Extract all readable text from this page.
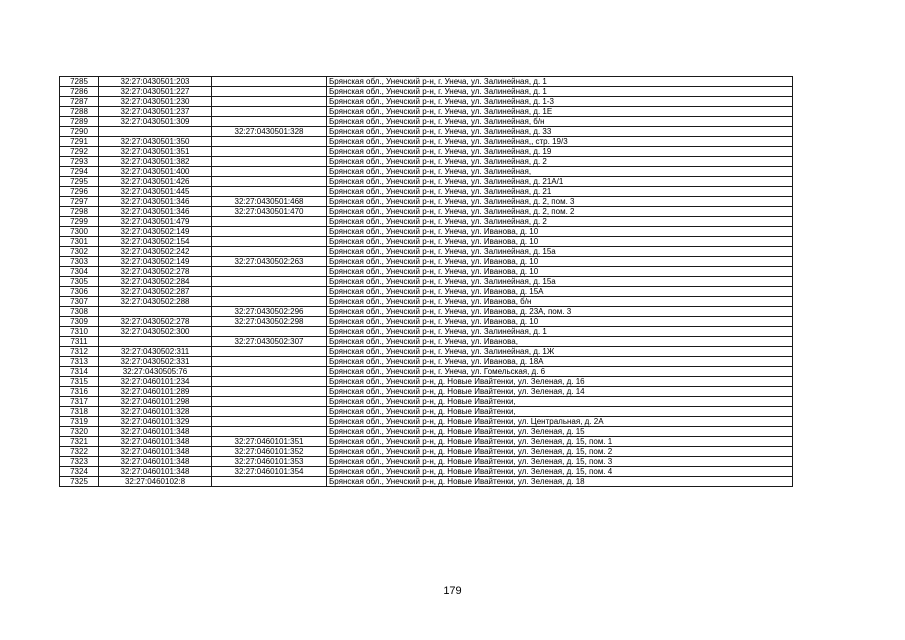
7285	32:27:0430501:203		Брянская обл., Унечский р-н, г. Унеча, ул. Залинейная, д. 1
7286	32:27:0430501:227		Брянская обл., Унечский р-н, г. Унеча, ул. Залинейная, д. 1
7287	32:27:0430501:230		Брянская обл., Унечский р-н, г. Унеча, ул. Залинейная, д. 1-3
7288	32:27:0430501:237		Брянская обл., Унечский р-н, г. Унеча, ул. Залинейная, д. 1Е
7289	32:27:0430501:309		Брянская обл., Унечский р-н, г. Унеча, ул. Залинейная, б/н
7290		32:27:0430501:328	Брянская обл., Унечский р-н, г. Унеча, ул. Залинейная, д. 33
7291	32:27:0430501:350		Брянская обл., Унечский р-н, г. Унеча, ул. Залинейная,, стр. 19/3
7292	32:27:0430501:351		Брянская обл., Унечский р-н, г. Унеча, ул. Залинейная, д. 19
7293	32:27:0430501:382		Брянская обл., Унечский р-н, г. Унеча, ул. Залинейная, д. 2
7294	32:27:0430501:400		Брянская обл., Унечский р-н, г. Унеча, ул. Залинейная,
7295	32:27:0430501:426		Брянская обл., Унечский р-н, г. Унеча, ул. Залинейная, д. 21А/1
7296	32:27:0430501:445		Брянская обл., Унечский р-н, г. Унеча, ул. Залинейная, д. 21
7297	32:27:0430501:346	32:27:0430501:468	Брянская обл., Унечский р-н, г. Унеча, ул. Залинейная, д. 2, пом. 3
7298	32:27:0430501:346	32:27:0430501:470	Брянская обл., Унечский р-н, г. Унеча, ул. Залинейная, д. 2, пом. 2
7299	32:27:0430501:479		Брянская обл., Унечский р-н, г. Унеча, ул. Залинейная, д. 2
7300	32:27:0430502:149		Брянская обл., Унечский р-н, г. Унеча, ул. Иванова, д. 10
7301	32:27:0430502:154		Брянская обл., Унечский р-н, г. Унеча, ул. Иванова, д. 10
7302	32:27:0430502:242		Брянская обл., Унечский р-н, г. Унеча, ул. Залинейная, д. 15а
7303	32:27:0430502:149	32:27:0430502:263	Брянская обл., Унечский р-н, г. Унеча, ул. Иванова, д. 10
7304	32:27:0430502:278		Брянская обл., Унечский р-н, г. Унеча, ул. Иванова, д. 10
7305	32:27:0430502:284		Брянская обл., Унечский р-н, г. Унеча, ул. Залинейная, д. 15а
7306	32:27:0430502:287		Брянская обл., Унечский р-н, г. Унеча, ул. Иванова, д. 15А
7307	32:27:0430502:288		Брянская обл., Унечский р-н, г. Унеча, ул. Иванова, б/н
7308		32:27:0430502:296	Брянская обл., Унечский р-н, г. Унеча, ул. Иванова, д. 23А, пом. 3
7309	32:27:0430502:278	32:27:0430502:298	Брянская обл., Унечский р-н, г. Унеча, ул. Иванова, д. 10
7310	32:27:0430502:300		Брянская обл., Унечский р-н, г. Унеча, ул. Залинейная, д. 1
7311		32:27:0430502:307	Брянская обл., Унечский р-н, г. Унеча, ул. Иванова,
7312	32:27:0430502:311		Брянская обл., Унечский р-н, г. Унеча, ул. Залинейная, д. 1Ж
7313	32:27:0430502:331		Брянская обл., Унечский р-н, г. Унеча, ул. Иванова, д. 18А
7314	32:27:0430505:76		Брянская обл., Унечский р-н, г. Унеча, ул. Гомельская, д. 6
7315	32:27:0460101:234		Брянская обл., Унечский р-н, д. Новые Ивайтенки, ул. Зеленая, д. 16
7316	32:27:0460101:289		Брянская обл., Унечский р-н, д. Новые Ивайтенки, ул. Зеленая, д. 14
7317	32:27:0460101:298		Брянская обл., Унечский р-н, д. Новые Ивайтенки,
7318	32:27:0460101:328		Брянская обл., Унечский р-н, д. Новые Ивайтенки,
7319	32:27:0460101:329		Брянская обл., Унечский р-н, д. Новые Ивайтенки, ул. Центральная, д. 2А
7320	32:27:0460101:348		Брянская обл., Унечский р-н, д. Новые Ивайтенки, ул. Зеленая, д. 15
7321	32:27:0460101:348	32:27:0460101:351	Брянская обл., Унечский р-н, д. Новые Ивайтенки, ул. Зеленая, д. 15, пом. 1
7322	32:27:0460101:348	32:27:0460101:352	Брянская обл., Унечский р-н, д. Новые Ивайтенки, ул. Зеленая, д. 15, пом. 2
7323	32:27:0460101:348	32:27:0460101:353	Брянская обл., Унечский р-н, д. Новые Ивайтенки, ул. Зеленая, д. 15, пом. 3
7324	32:27:0460101:348	32:27:0460101:354	Брянская обл., Унечский р-н, д. Новые Ивайтенки, ул. Зеленая, д. 15, пом. 4
7325	32:27:0460102:8		Брянская обл., Унечский р-н, д. Новые Ивайтенки, ул. Зеленая, д. 18
179
